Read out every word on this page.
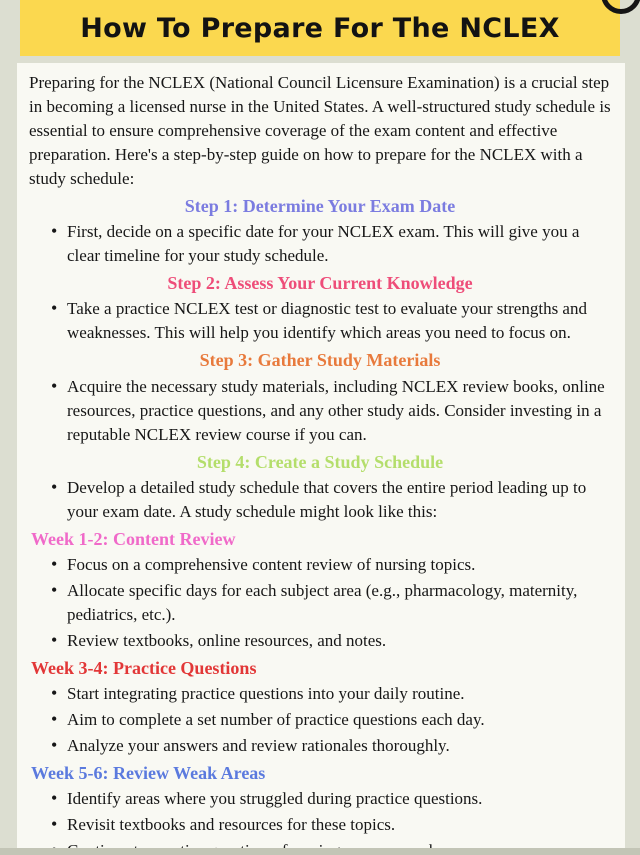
How To Prepare For The NCLEX

Preparing for the NCLEX (National Council Licensure Examination) is a crucial step in becoming a licensed nurse in the United States. A well-structured study schedule is essential to ensure comprehensive coverage of the exam content and effective preparation. Here's a step-by-step guide on how to prepare for the NCLEX with a study schedule:

Step 1: Determine Your Exam Date
• First, decide on a specific date for your NCLEX exam. This will give you a clear timeline for your study schedule.
Step 2: Assess Your Current Knowledge
• Take a practice NCLEX test or diagnostic test to evaluate your strengths and weaknesses. This will help you identify which areas you need to focus on.
Step 3: Gather Study Materials
• Acquire the necessary study materials, including NCLEX review books, online resources, practice questions, and any other study aids. Consider investing in a reputable NCLEX review course if you can.
Step 4: Create a Study Schedule
• Develop a detailed study schedule that covers the entire period leading up to your exam date. A study schedule might look like this:
Week 1-2: Content Review
• Focus on a comprehensive content review of nursing topics.
• Allocate specific days for each subject area (e.g., pharmacology, maternity, pediatrics, etc.).
• Review textbooks, online resources, and notes.
Week 3-4: Practice Questions
• Start integrating practice questions into your daily routine.
• Aim to complete a set number of practice questions each day.
• Analyze your answers and review rationales thoroughly.
Week 5-6: Review Weak Areas
• Identify areas where you struggled during practice questions.
• Revisit textbooks and resources for these topics.
•
